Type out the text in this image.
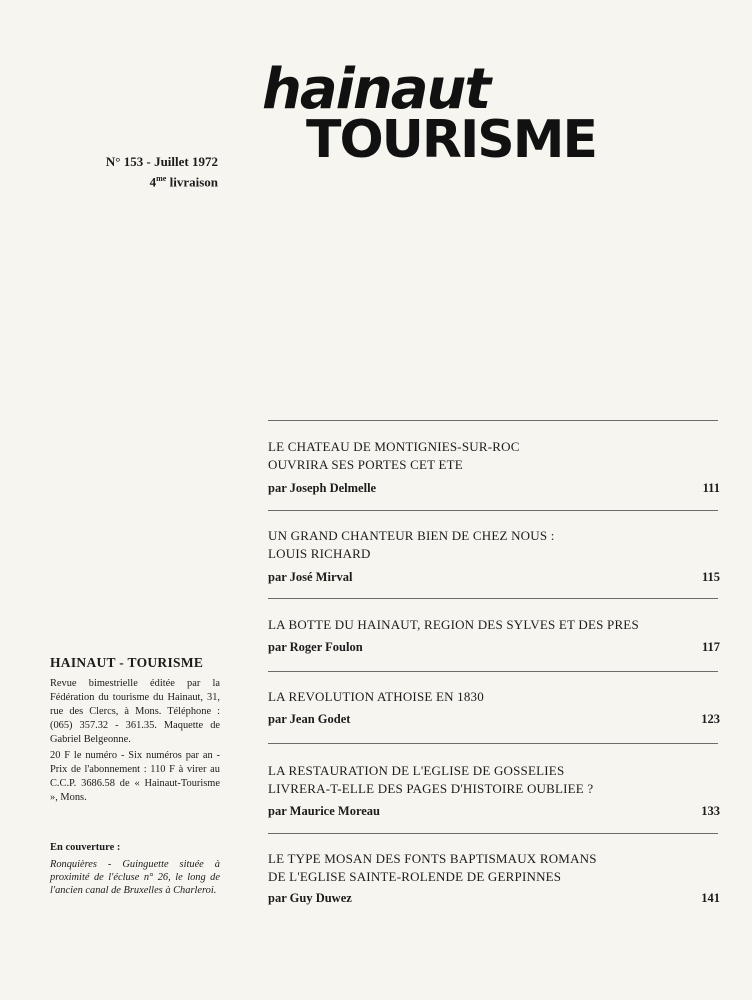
hainaut
TOURISME
N° 153 - Juillet 1972
$4^{me}$ livraison
LE CHATEAU DE MONTIGNIES-SUR-ROC
OUVRIRA SES PORTES CET ETE
par Joseph Delmelle	111
UN GRAND CHANTEUR BIEN DE CHEZ NOUS :
LOUIS RICHARD
par José Mirval	115
LA BOTTE DU HAINAUT, REGION DES SYLVES ET DES PRES
par Roger Foulon	117
LA REVOLUTION ATHOISE EN 1830
par Jean Godet	123
LA RESTAURATION DE L'EGLISE DE GOSSELIES
LIVRERA-T-ELLE DES PAGES D'HISTOIRE OUBLIEE ?
par Maurice Moreau	133
LE TYPE MOSAN DES FONTS BAPTISMAUX ROMANS
DE L'EGLISE SAINTE-ROLENDE DE GERPINNES
par Guy Duwez	141
HAINAUT - TOURISME
Revue bimestrielle éditée par la Fédération du tourisme du Hainaut, 31, rue des Clercs, à Mons. Téléphone : (065) 357.32 - 361.35. Maquette de Gabriel Belgeonne.
20 F le numéro - Six numéros par an - Prix de l'abonnement : 110 F à virer au C.C.P. 3686.58 de « Hainaut-Tourisme », Mons.
En couverture :
Ronquières - Guinguette située à proximité de l'écluse n° 26, le long de l'ancien canal de Bruxelles à Charleroi.
